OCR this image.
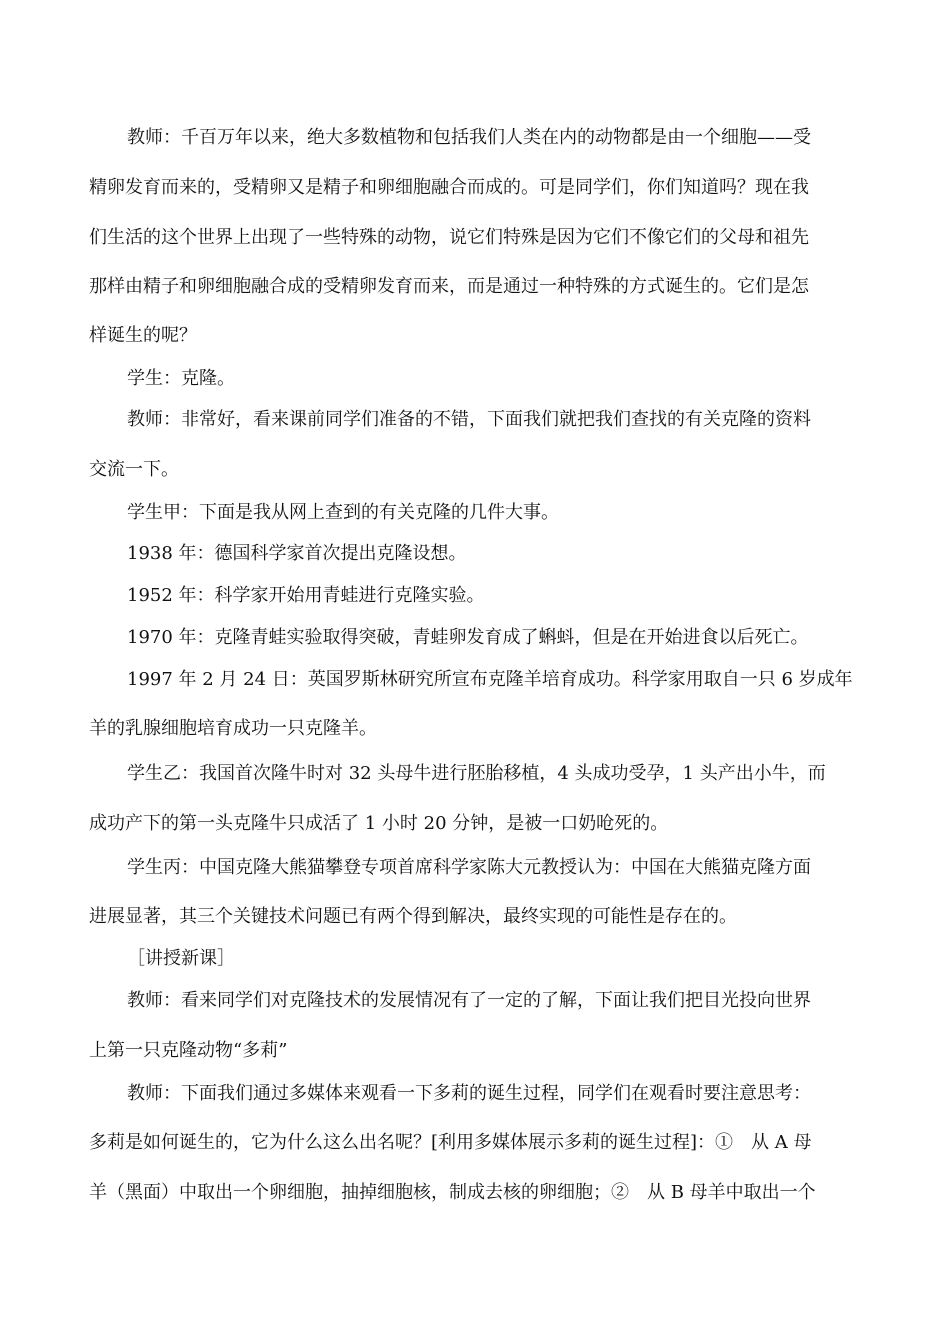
教师：千百万年以来，绝大多数植物和包括我们人类在内的动物都是由一个细胞——受
精卵发育而来的，受精卵又是精子和卵细胞融合而成的。可是同学们，你们知道吗？现在我
们生活的这个世界上出现了一些特殊的动物，说它们特殊是因为它们不像它们的父母和祖先
那样由精子和卵细胞融合成的受精卵发育而来，而是通过一种特殊的方式诞生的。它们是怎
样诞生的呢？
学生：克隆。
教师：非常好，看来课前同学们准备的不错，下面我们就把我们查找的有关克隆的资料
交流一下。
学生甲：下面是我从网上查到的有关克隆的几件大事。
1938 年：德国科学家首次提出克隆设想。
1952 年：科学家开始用青蛙进行克隆实验。
1970 年：克隆青蛙实验取得突破，青蛙卵发育成了蝌蚪，但是在开始进食以后死亡。
1997 年 2 月 24 日：英国罗斯林研究所宣布克隆羊培育成功。科学家用取自一只 6 岁成年
羊的乳腺细胞培育成功一只克隆羊。
学生乙：我国首次隆牛时对 32 头母牛进行胚胎移植，4 头成功受孕，1 头产出小牛，而
成功产下的第一头克隆牛只成活了 1 小时 20 分钟，是被一口奶呛死的。
学生丙：中国克隆大熊猫攀登专项首席科学家陈大元教授认为：中国在大熊猫克隆方面
进展显著，其三个关键技术问题已有两个得到解决，最终实现的可能性是存在的。
［讲授新课］
教师：看来同学们对克隆技术的发展情况有了一定的了解，下面让我们把目光投向世界
上第一只克隆动物“多莉”
教师：下面我们通过多媒体来观看一下多莉的诞生过程，同学们在观看时要注意思考：
多莉是如何诞生的，它为什么这么出名呢？[利用多媒体展示多莉的诞生过程]：①　从 A 母
羊（黑面）中取出一个卵细胞，抽掉细胞核，制成去核的卵细胞；②　从 B 母羊中取出一个
